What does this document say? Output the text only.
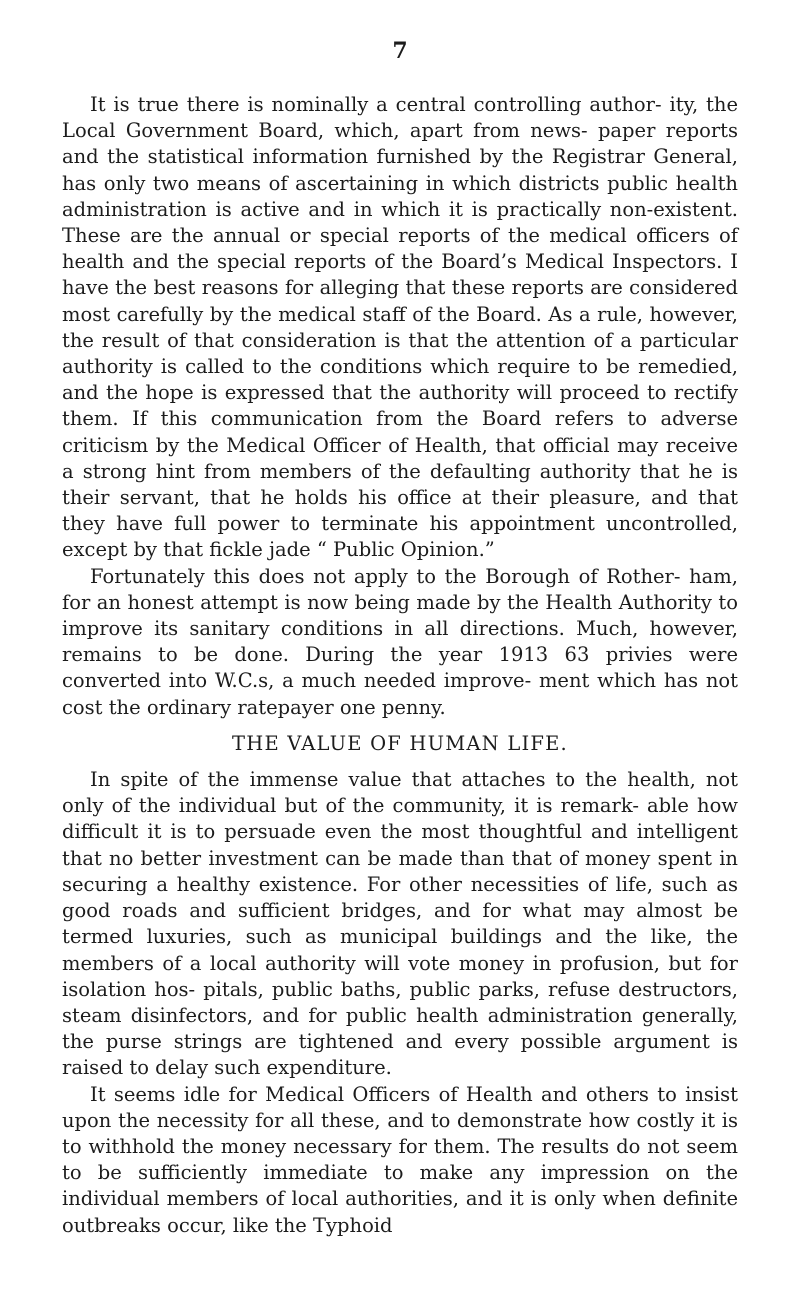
7

It is true there is nominally a central controlling author- ity, the Local Government Board, which, apart from news- paper reports and the statistical information furnished by the Registrar General, has only two means of ascertaining in which districts public health administration is active and in which it is practically non-existent. These are the annual or special reports of the medical officers of health and the special reports of the Board’s Medical Inspectors. I have the best reasons for alleging that these reports are considered most carefully by the medical staff of the Board. As a rule, however, the result of that consideration is that the attention of a particular authority is called to the conditions which require to be remedied, and the hope is expressed that the authority will proceed to rectify them. If this communication from the Board refers to adverse criticism by the Medical Officer of Health, that official may receive a strong hint from members of the defaulting authority that he is their servant, that he holds his office at their pleasure, and that they have full power to terminate his appointment uncontrolled, except by that fickle jade “ Public Opinion.”

Fortunately this does not apply to the Borough of Rother- ham, for an honest attempt is now being made by the Health Authority to improve its sanitary conditions in all directions. Much, however, remains to be done. During the year 1913 63 privies were converted into W.C.s, a much needed improve- ment which has not cost the ordinary ratepayer one penny.

THE VALUE OF HUMAN LIFE.

In spite of the immense value that attaches to the health, not only of the individual but of the community, it is remark- able how difficult it is to persuade even the most thoughtful and intelligent that no better investment can be made than that of money spent in securing a healthy existence. For other necessities of life, such as good roads and sufficient bridges, and for what may almost be termed luxuries, such as municipal buildings and the like, the members of a local authority will vote money in profusion, but for isolation hos- pitals, public baths, public parks, refuse destructors, steam disinfectors, and for public health administration generally, the purse strings are tightened and every possible argument is raised to delay such expenditure.

It seems idle for Medical Officers of Health and others to insist upon the necessity for all these, and to demonstrate how costly it is to withhold the money necessary for them. The results do not seem to be sufficiently immediate to make any impression on the individual members of local authorities, and it is only when definite outbreaks occur, like the Typhoid
